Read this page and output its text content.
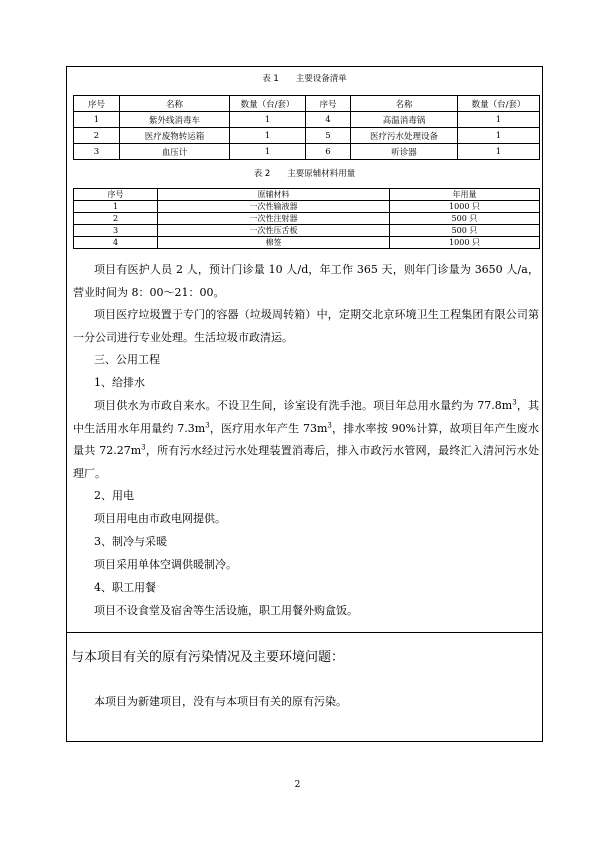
表 1　　主要设备清单
序号	名称	数量（台/套）	序号	名称	数量（台/套）
1	紫外线消毒车	1	4	高温消毒锅	1
2	医疗废物转运箱	1	5	医疗污水处理设备	1
3	血压计	1	6	听诊器	1
表 2　　主要原辅材料用量
序号	原辅材料	年用量
1	一次性输液器	1000 只
2	一次性注射器	500 只
3	一次性压舌板	500 只
4	棉签	1000 只

项目有医护人员 2 人，预计门诊量 10 人/d，年工作 365 天，则年门诊量为 3650 人/a，营业时间为 8：00～21：00。

项目医疗垃圾置于专门的容器（垃圾周转箱）中，定期交北京环境卫生工程集团有限公司第一分公司进行专业处理。生活垃圾市政清运。

三、公用工程

1、给排水

项目供水为市政自来水。不设卫生间，诊室设有洗手池。项目年总用水量约为 $77.8m^3$，其中生活用水年用量约 $7.3m^3$，医疗用水年产生 $73m^3$，排水率按 90%计算，故项目年产生废水量共 $72.27m^3$，所有污水经过污水处理装置消毒后，排入市政污水管网，最终汇入清河污水处理厂。

2、用电

项目用电由市政电网提供。

3、制冷与采暖

项目采用单体空调供暖制冷。

4、职工用餐

项目不设食堂及宿舍等生活设施，职工用餐外购盒饭。

与本项目有关的原有污染情况及主要环境问题：

本项目为新建项目，没有与本项目有关的原有污染。

2
